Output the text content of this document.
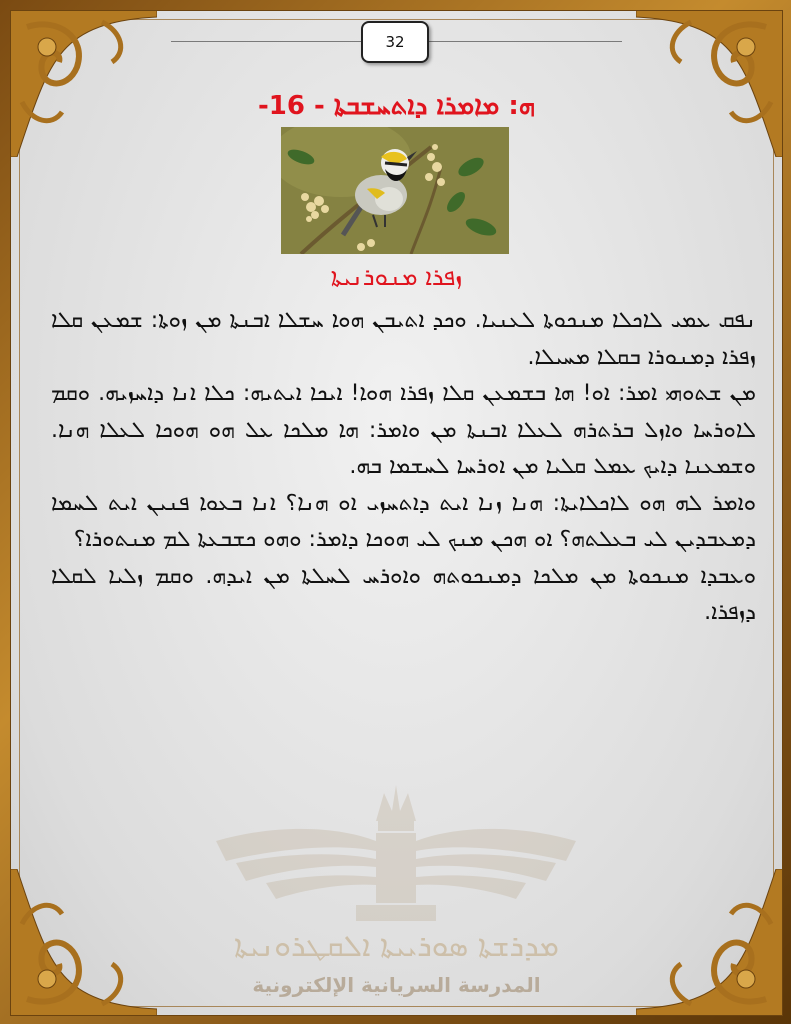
32
ܗ: ܡܐܡܪܐ ܕܐܬܚܫܒܬܐ - 16-
ܙܦܪܐ ܡܢܘܪܢܝܬܐ

ܢܦܩ ܥܡܝ ܠܐܟܠܐ ܡܢܟܘܬܐ ܠܥܢܝܐ. ܘܟܕ ܐܬܝܒܢ ܗܘܐ ܚܫܠܐ ܐܒܢܬܐ ܡܢ ܙܘܬܐ: ܫܡܥܢ ܩܠܐ ܙܦܪܐ ܕܡܢܘܪܐ ܒܩܠܐ ܡܚܝܠܐ.

ܡܢ ܫܬܘܗܝ ܐܡܪ: ܐܘ! ܗܐ ܒܫܡܥܢ ܩܠܐ ܙܦܪܐ ܗܘܐ! ܐܝܟܐ ܐܝܬܝܗ: ܟܠܐ ܐܢܐ ܕܐܚܙܝܗ. ܘܩܡ ܠܐܘܪܚܐ ܘܐܙܠ ܒܪܬܪܗ ܠܥܠܐ ܐܒܢܬܐ ܡܢ ܘܐܡܪ: ܗܐ ܡܠܟܐ ܥܠ ܗܘ ܗܘܟܐ ܠܥܠܐ ܗܢܐ. ܘܫܡܥܢܐ ܕܐܝܟ ܥܡܠ ܩܠܝܐ ܡܢ ܐܘܪܚܐ ܠܚܫܡܐ ܒܗ.

ܘܐܡܪ ܠܗ ܗܘ ܠܐܟܠܐܝܬܐ: ܗܢܐ ܙܢܐ ܐܝܬ ܕܐܬܚܙܝ ܐܘ ܗܢܐ؟ ܐܢܐ ܒܥܘܐ ܦܢܝܢ ܐܝܬ ܠܚܡܐ ܕܡܥܒܕܝܢ ܠܝ ܒܥܠܬܗ؟ ܐܘ ܗܟܢ ܡܢܟ ܠܝ ܗܘܟܐ ܕܐܡܪ: ܘܗܘ ܟܫܒܥܬܐ ܠܡ ܡܢܬܘܪܐ؟

ܘܥܒܕܐ ܡܢܟܘܬܐ ܡܢ ܡܠܟܐ ܕܡܢܟܘܬܗ ܘܐܘܪܚ ܠܚܠܬܐ ܡܢ ܐܝܕܗ. ܘܩܡ ܙܠܝܐ ܠܩܠܐ ܕܙܦܪܐ.

ܡܕܪܫܬܐ ܣܘܪܝܝܬܐ ܐܠܩܛܪܘܢܝܬܐ
المدرسة السريانية الإلكترونية
